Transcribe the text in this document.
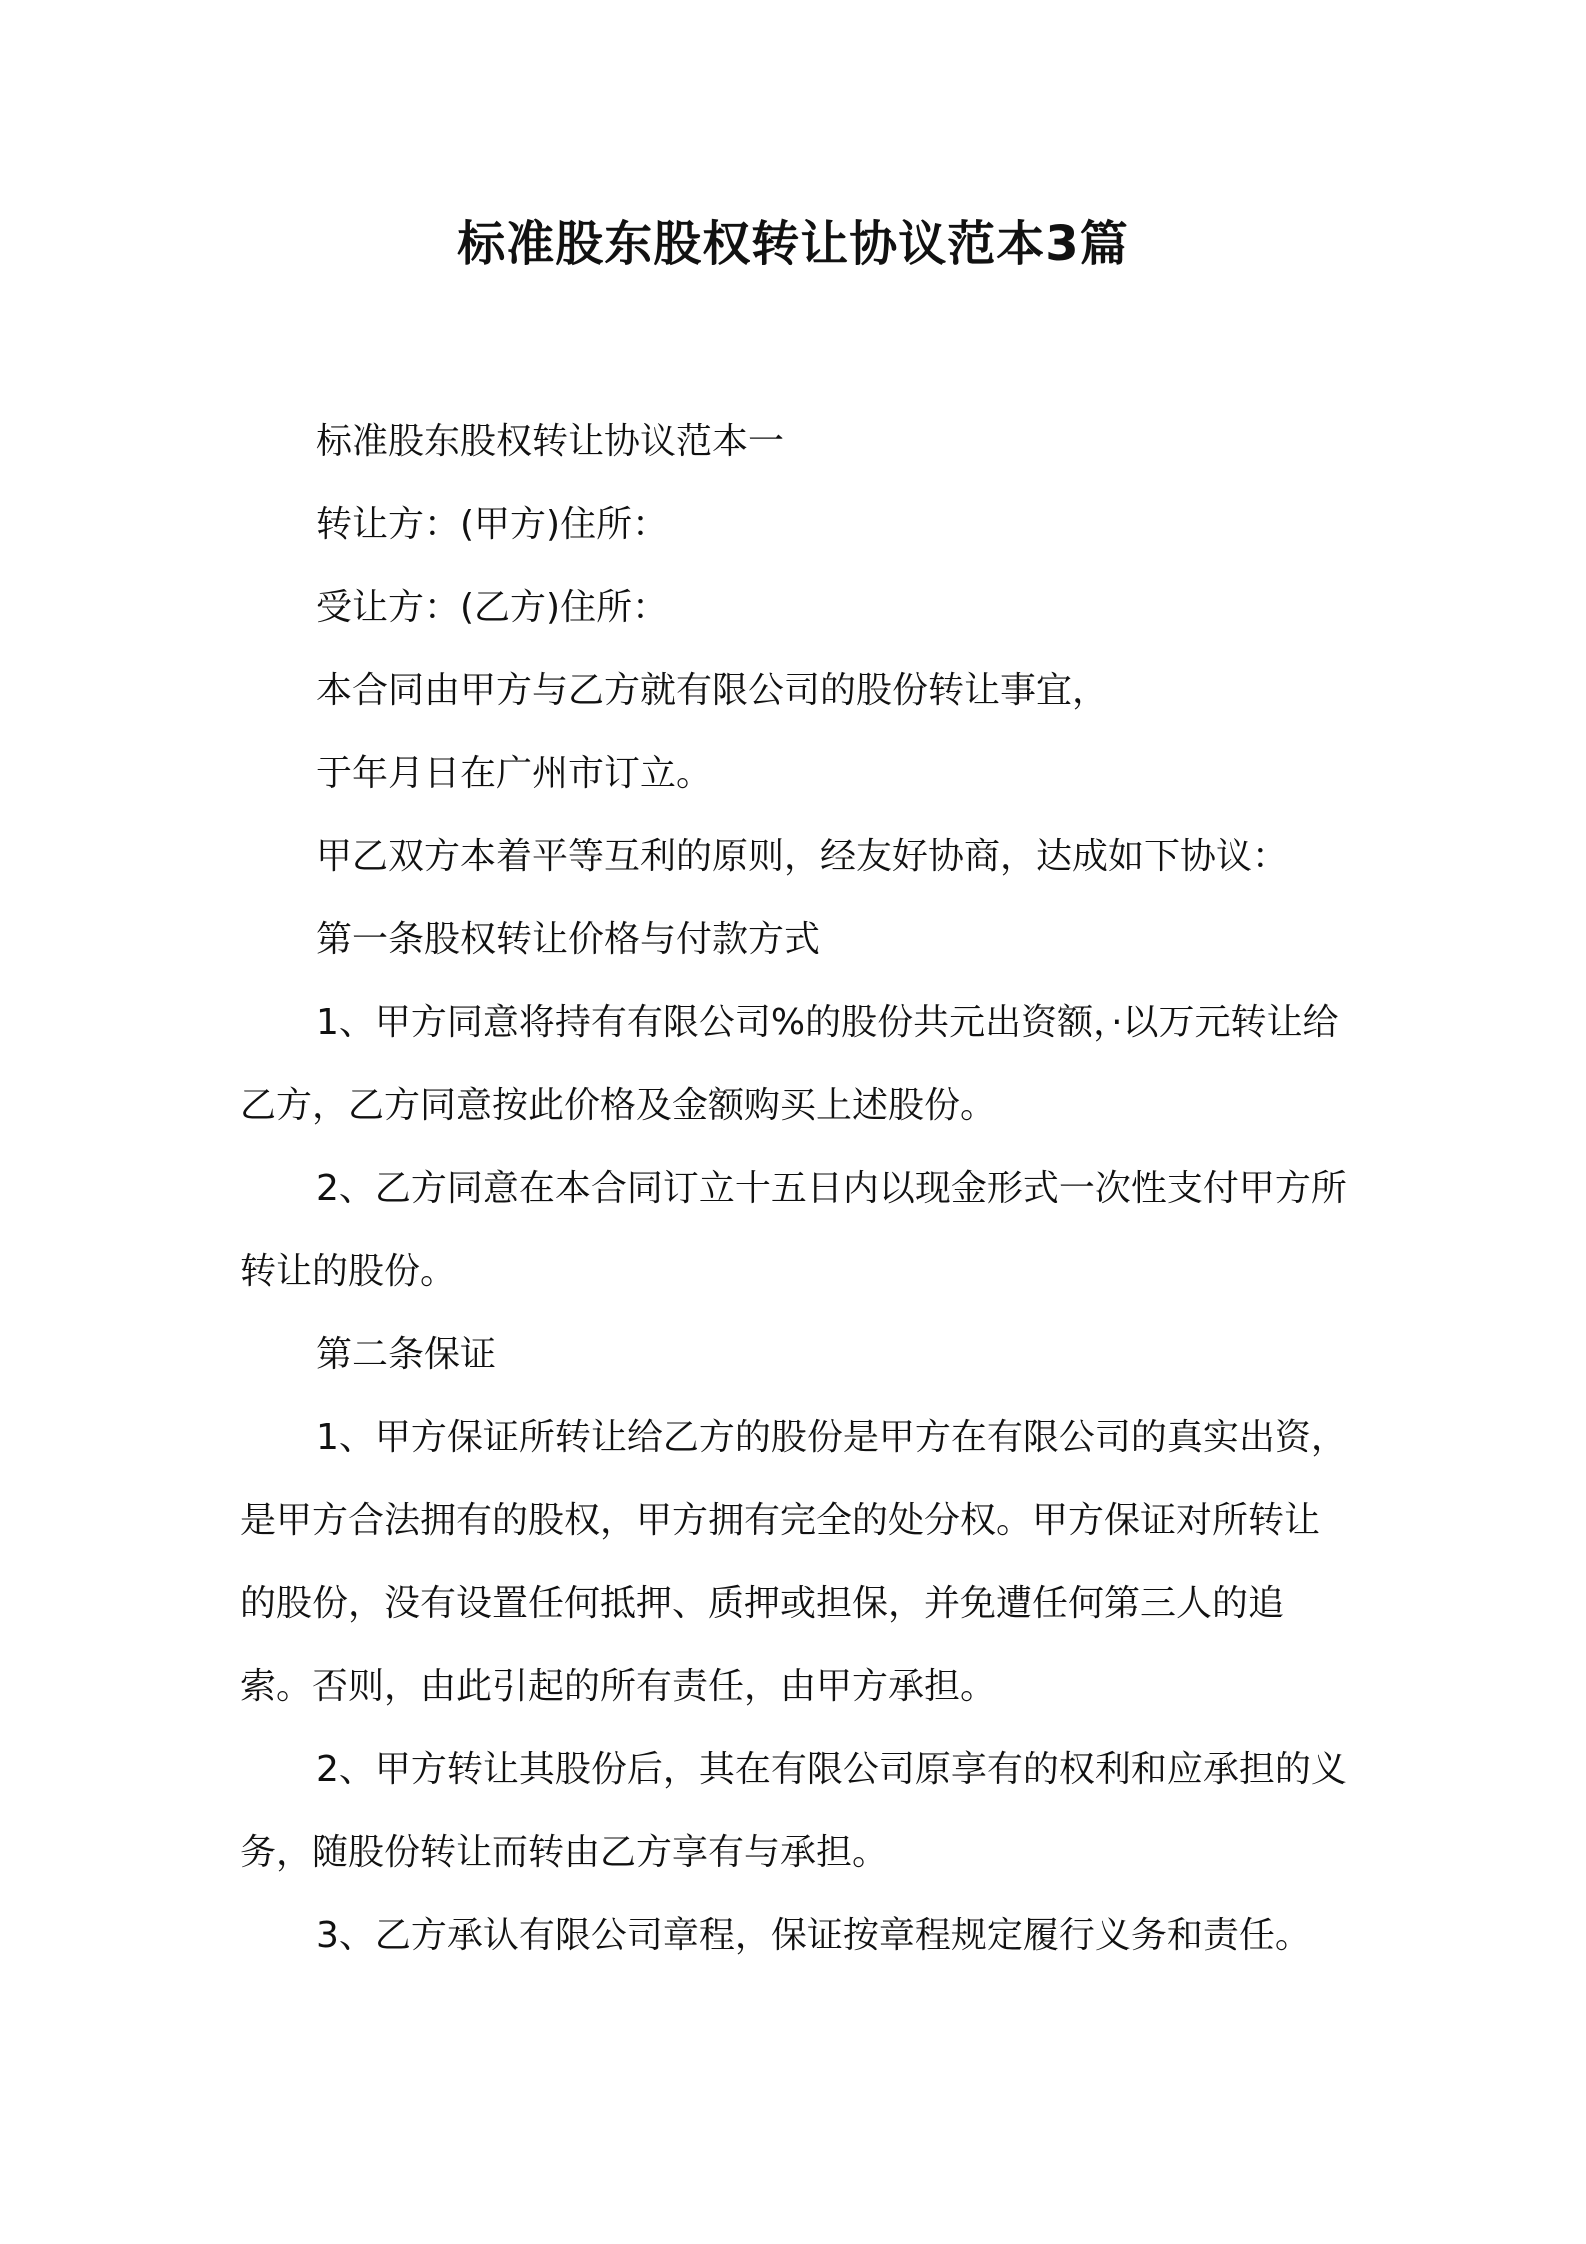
标准股东股权转让协议范本3篇

标准股东股权转让协议范本一

转让方：(甲方)住所：

受让方：(乙方)住所：

本合同由甲方与乙方就有限公司的股份转让事宜，

于年月日在广州市订立。

甲乙双方本着平等互利的原则，经友好协商，达成如下协议：

第一条股权转让价格与付款方式

1、甲方同意将持有有限公司%的股份共元出资额，·以万元转让给乙方，乙方同意按此价格及金额购买上述股份。

2、乙方同意在本合同订立十五日内以现金形式一次性支付甲方所转让的股份。

第二条保证

1、甲方保证所转让给乙方的股份是甲方在有限公司的真实出资，是甲方合法拥有的股权，甲方拥有完全的处分权。甲方保证对所转让的股份，没有设置任何抵押、质押或担保，并免遭任何第三人的追索。否则，由此引起的所有责任，由甲方承担。

2、甲方转让其股份后，其在有限公司原享有的权利和应承担的义务，随股份转让而转由乙方享有与承担。

3、乙方承认有限公司章程，保证按章程规定履行义务和责任。
